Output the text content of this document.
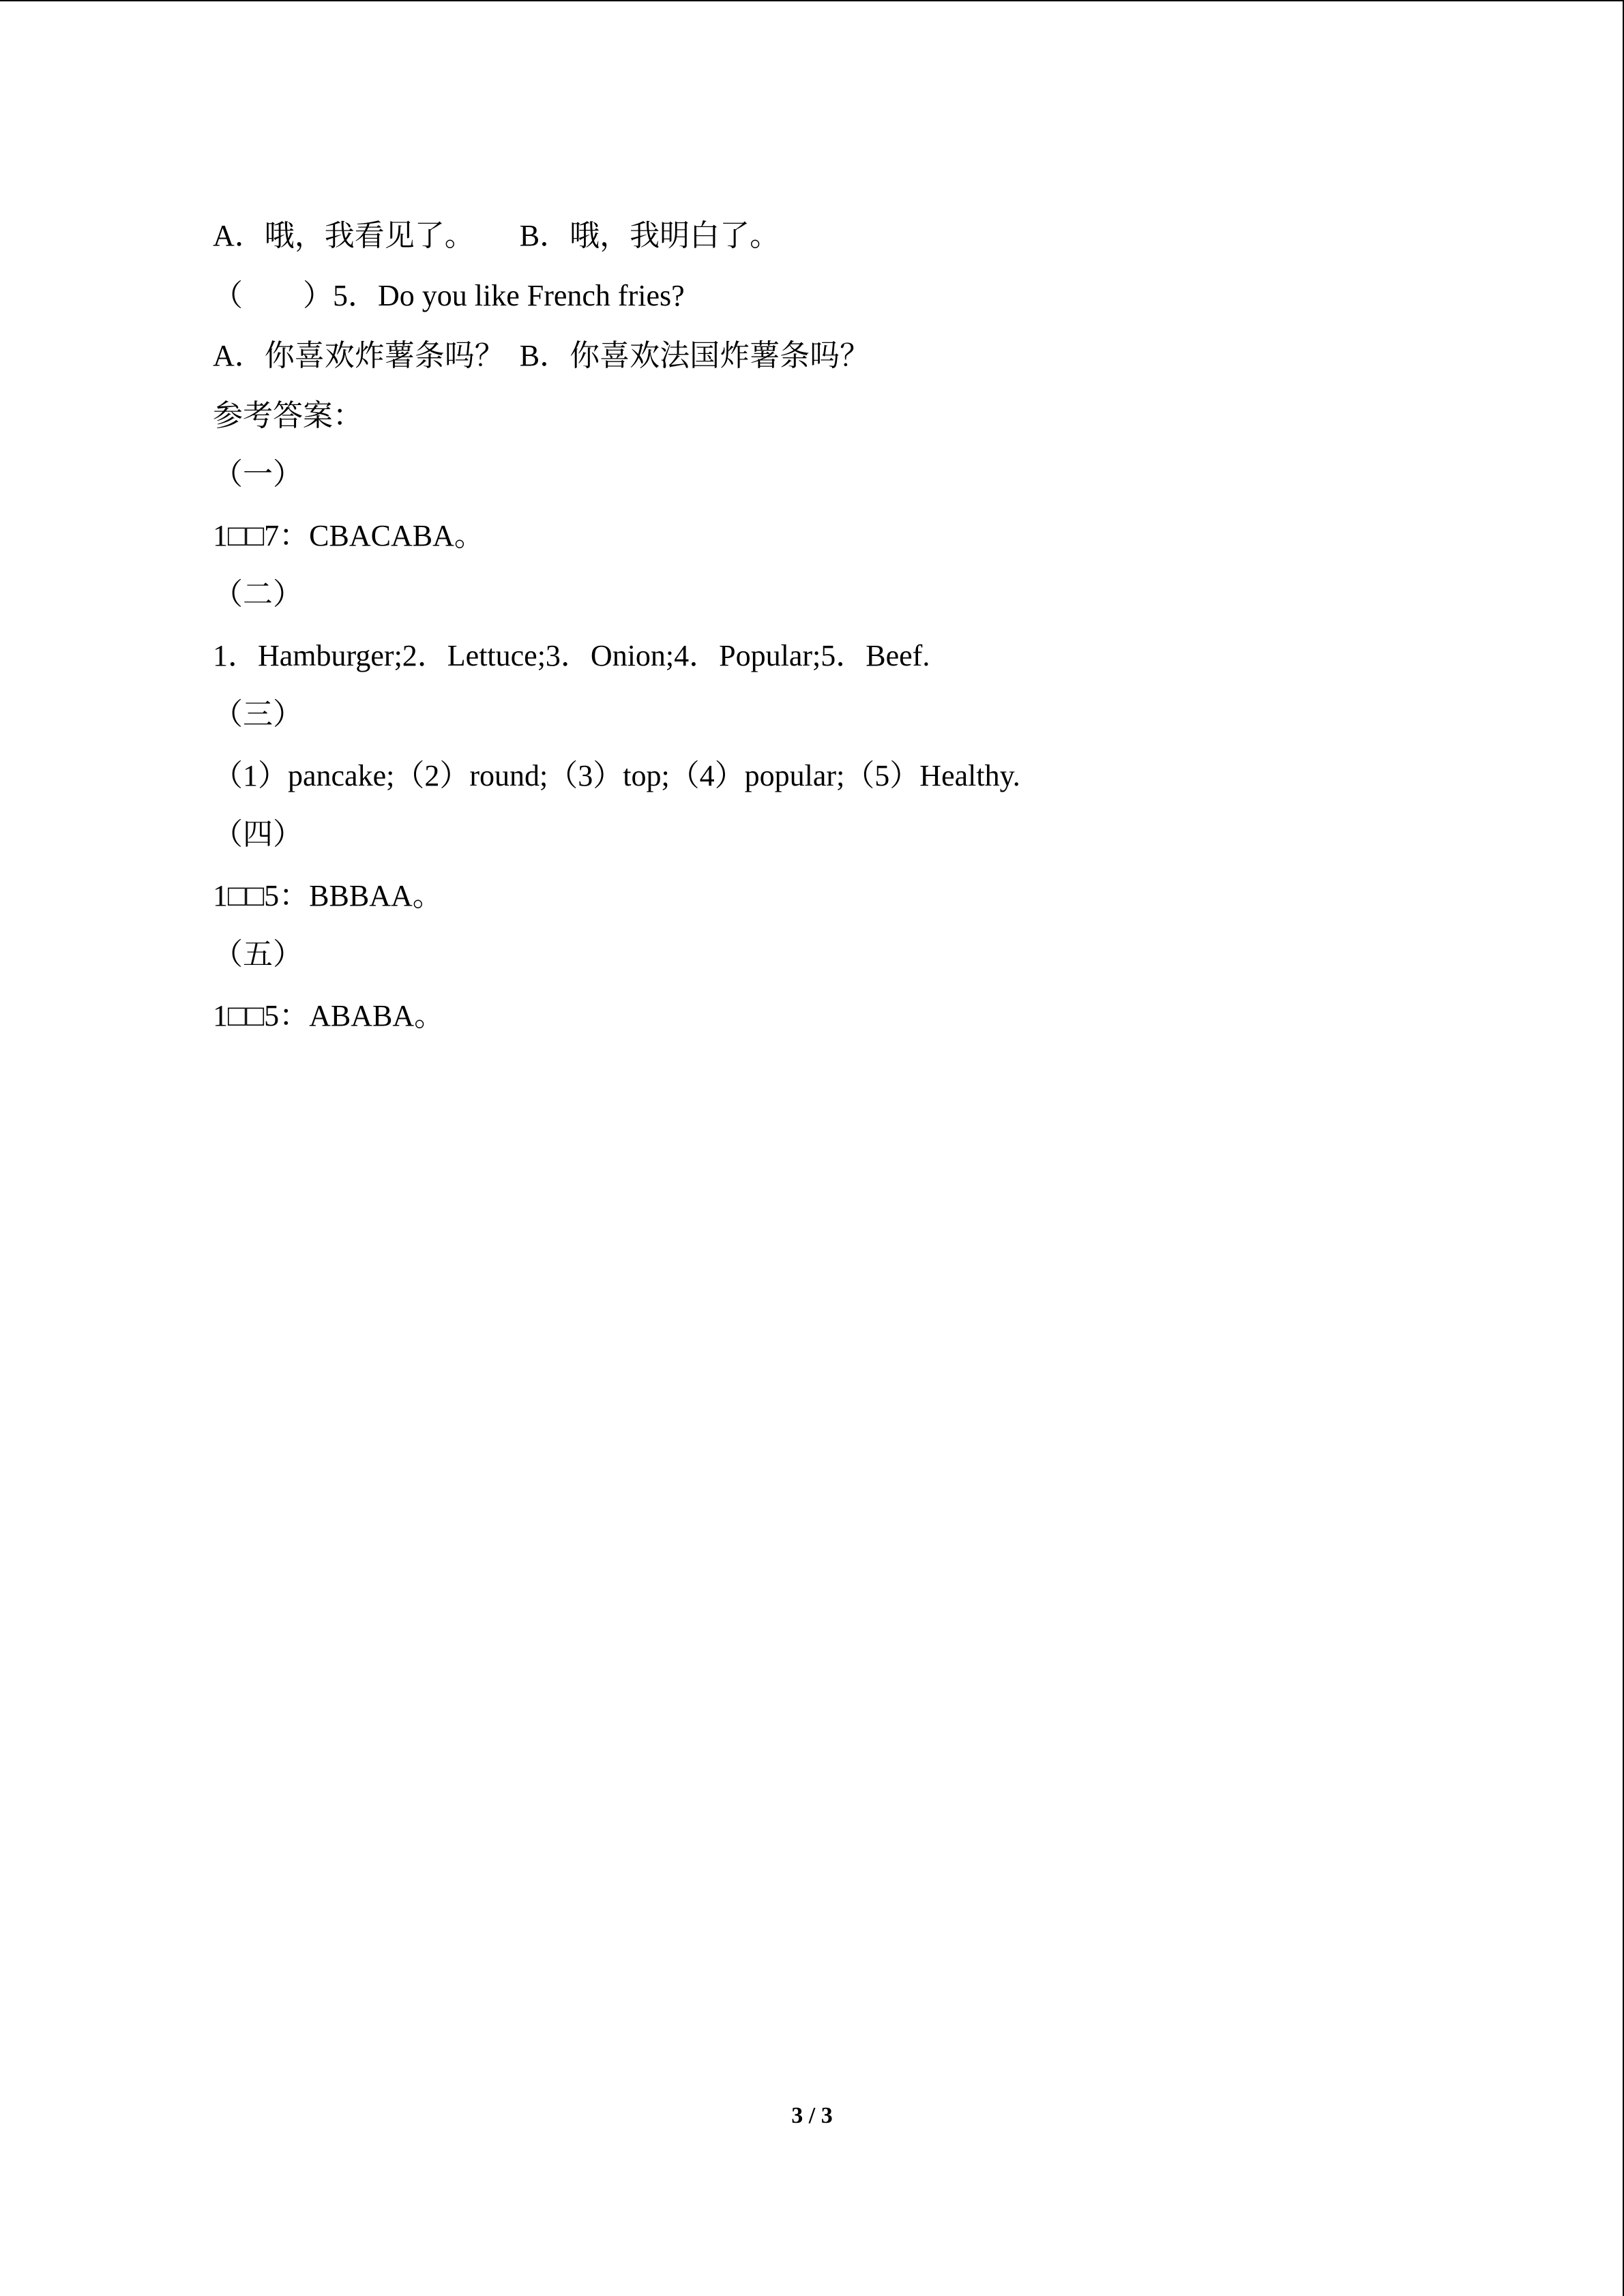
A．哦，我看见了。      B．哦，我明白了。
（        ）5．Do you like French fries?
A．你喜欢炸薯条吗？  B．你喜欢法国炸薯条吗？
参考答案：
（一）
1□□7：CBACABA。
（二）
1．Hamburger;2．Lettuce;3．Onion;4．Popular;5．Beef.
（三）
（1）pancake;（2）round;（3）top;（4）popular;（5）Healthy.
（四）
1□□5：BBBAA。
（五）
1□□5：ABABA。
3 / 3
